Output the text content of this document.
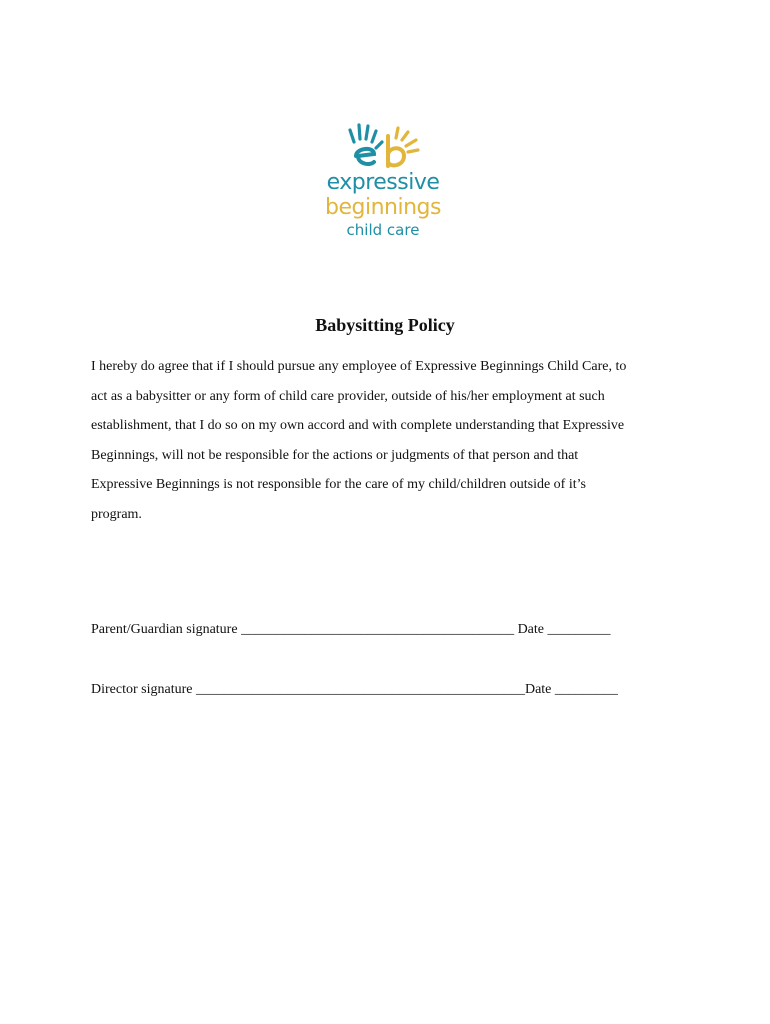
expressive
beginnings
child care
Babysitting Policy
I hereby do agree that if I should pursue any employee of Expressive Beginnings Child Care, to
act as a babysitter or any form of child care provider, outside of his/her employment at such
establishment, that I do so on my own accord and with complete understanding that Expressive
Beginnings, will not be responsible for the actions or judgments of that person and that
Expressive Beginnings is not responsible for the care of my child/children outside of it’s
program.
Parent/Guardian signature _______________________________________ Date _________
Director signature _______________________________________________Date _________
